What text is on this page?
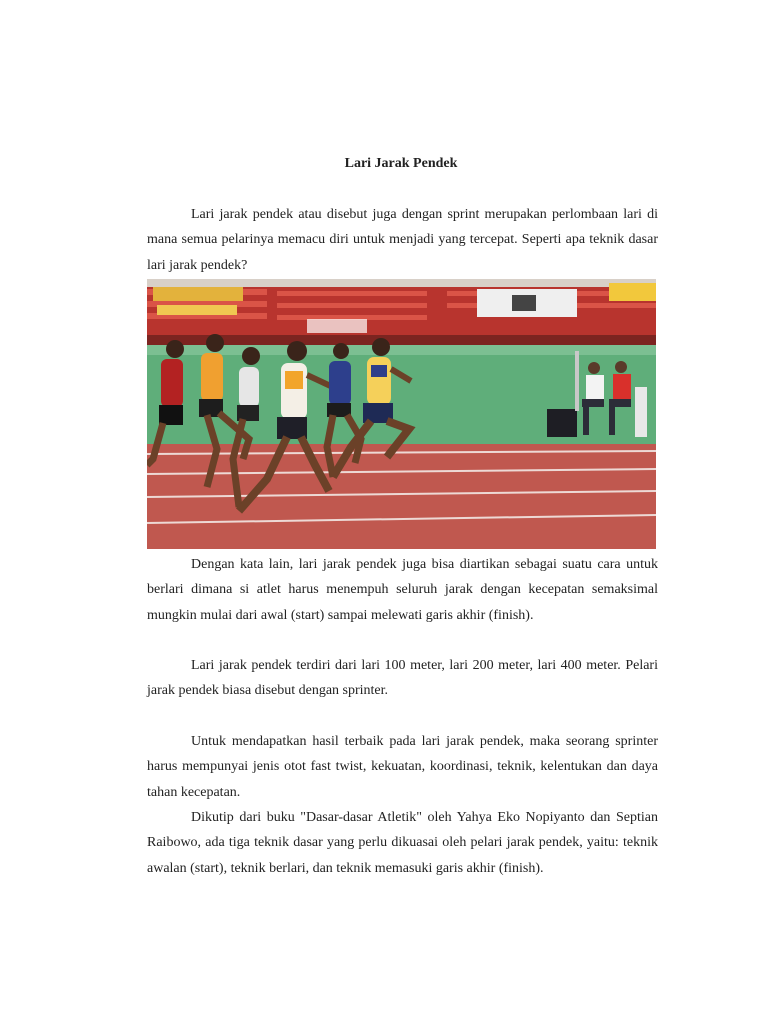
Lari Jarak Pendek

Lari jarak pendek atau disebut juga dengan sprint merupakan perlombaan lari di mana semua pelarinya memacu diri untuk menjadi yang tercepat. Seperti apa teknik dasar lari jarak pendek?

Dengan kata lain, lari jarak pendek juga bisa diartikan sebagai suatu cara untuk berlari dimana si atlet harus menempuh seluruh jarak dengan kecepatan semaksimal mungkin mulai dari awal (start) sampai melewati garis akhir (finish).

Lari jarak pendek terdiri dari lari 100 meter, lari 200 meter, lari 400 meter. Pelari jarak pendek biasa disebut dengan sprinter.

Untuk mendapatkan hasil terbaik pada lari jarak pendek, maka seorang sprinter harus mempunyai jenis otot fast twist, kekuatan, koordinasi, teknik, kelentukan dan daya tahan kecepatan.

Dikutip dari buku "Dasar-dasar Atletik" oleh Yahya Eko Nopiyanto dan Septian Raibowo, ada tiga teknik dasar yang perlu dikuasai oleh pelari jarak pendek, yaitu: teknik awalan (start), teknik berlari, dan teknik memasuki garis akhir (finish).
